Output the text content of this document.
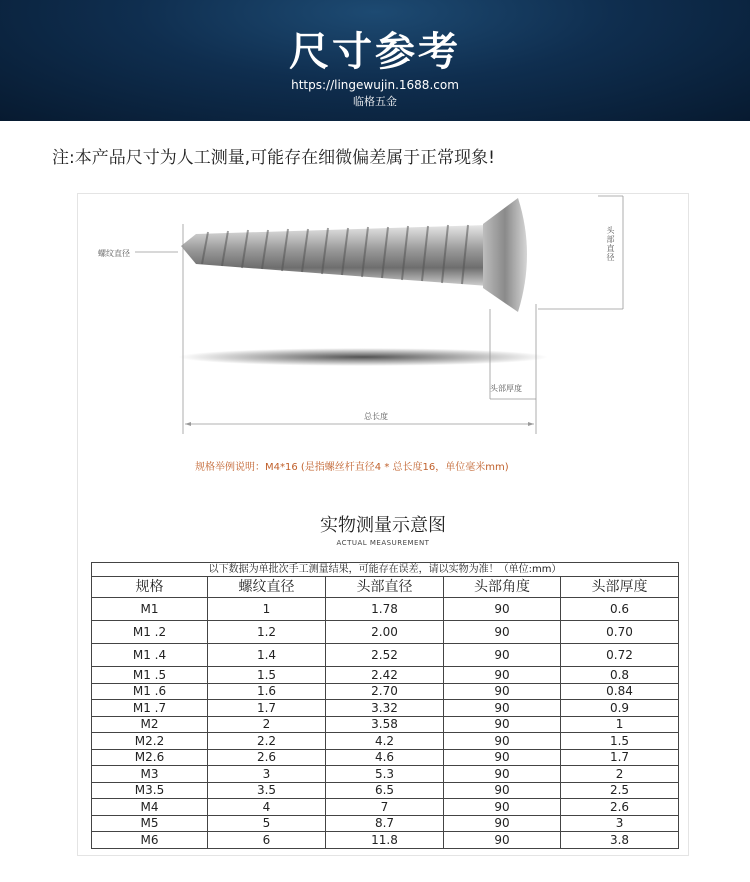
尺寸参考
https://lingewujin.1688.com
临格五金
注:本产品尺寸为人工测量,可能存在细微偏差属于正常现象!
螺纹直径	头部直径
头部厚度
总长度
规格举例说明：M4*16 (是指螺丝杆直径4 * 总长度16，单位毫米mm)
实物测量示意图
ACTUAL MEASUREMENT
以下数据为单批次手工测量结果，可能存在误差，请以实物为准！（单位:mm）				
规格	螺纹直径	头部直径	头部角度	头部厚度
M1	1	1.78	90	0.6
M1 .2	1.2	2.00	90	0.70
M1 .4	1.4	2.52	90	0.72
M1 .5	1.5	2.42	90	0.8
M1 .6	1.6	2.70	90	0.84
M1 .7	1.7	3.32	90	0.9
M2	2	3.58	90	1
M2.2	2.2	4.2	90	1.5
M2.6	2.6	4.6	90	1.7
M3	3	5.3	90	2
M3.5	3.5	6.5	90	2.5
M4	4	7	90	2.6
M5	5	8.7	90	3
M6	6	11.8	90	3.8
